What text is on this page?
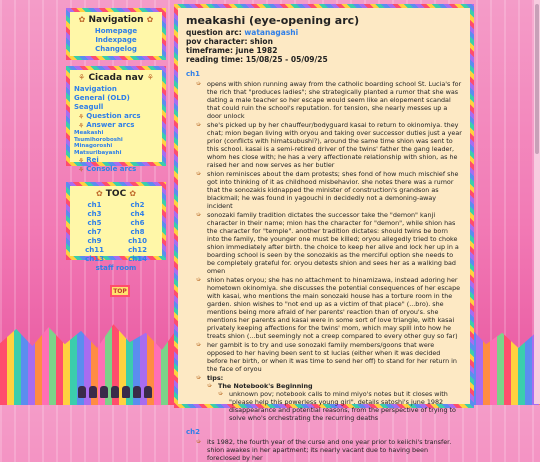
✿ Navigation ✿
Homepage
Indexpage
Changelog
⚘ Cicada nav ⚘
Navigation
General (OLD)
Seagull
⚘ Question arcs
⚘ Answer arcs
Meakashi
Tsumihoroboshi
Minagoroshi
Matsuribayashi
⚘ Rei
⚘ Console arcs
✿ TOC ✿
ch1	ch2
ch3	ch4
ch5	ch6
ch7	ch8
ch9	ch10
ch11	ch12
ch13	ch14
staff room
TOP
meakashi (eye-opening arc)
question arc: watanagashi
pov character: shion
timeframe: june 1982
reading time: 15/08/25 - 05/09/25
ch1
➭ opens with shion running away from the catholic boarding school St. Lucia's for the rich that "produces ladies"; she strategically planted a rumor that she was dating a male teacher so her escape would seem like an elopement scandal that could ruin the school's reputation. for tension, she nearly messes up a door unlock
➭ she's picked up by her chauffeur/bodyguard kasai to return to okinomiya. they chat; mion began living with oryou and taking over successor duties just a year prior (conflicts with himatsubushi?), around the same time shion was sent to this school. kasai is a semi-retired driver of the twins' father the gang leader, whom hes close with; he has a very affectionate relationship with shion, as he raised her and now serves as her butler
➭ shion reminisces about the dam protests; shes fond of how much mischief she got into thinking of it as childhood misbehavior. she notes there was a rumor that the sonozakis kidnapped the minister of construction's grandson as blackmail; he was found in yagouchi in decidedly not a demoning-away incident
➭ sonozaki family tradition dictates the successor take the "demon" kanji character in their name; mion has the character for "demon", while shion has the character for "temple". another tradition dictates: should twins be born into the family, the younger one must be killed; oryou allegedly tried to choke shion immediately after birth. the choice to keep her alive and lock her up in a boarding school is seen by the sonozakis as the merciful option she needs to be completely grateful for. oryou detests shion and sees her as a walking bad omen
➭ shion hates oryou; she has no attachment to hinamizawa, instead adoring her hometown okinomiya. she discusses the potential consequences of her escape with kasai, who mentions the main sonozaki house has a torture room in the garden. shion wishes to "not end up as a victim of that place" (...bro). she mentions being more afraid of her parents' reaction than of oryou's. she mentions her parents and kasai were in some sort of love triangle, with kasai privately keeping affections for the twins' mom, which may spill into how he treats shion (...but seemingly not a creep compared to every other guy so far)
➭ her gambit is to try and use sonozaki family members/goons that were opposed to her having been sent to st lucias (either when it was decided before her birth, or when it was time to send her off) to stand for her return in the face of oryou
➭ tips:
➭ The Notebook's Beginning
➭ unknown pov; notebook calls to mind miyo's notes but it closes with "please help this powerless young girl". details satoshi's june 1982 disappearance and potential reasons, from the perspective of trying to solve who's orchestrating the recurring deaths
ch2
➭ its 1982, the fourth year of the curse and one year prior to keiichi's transfer. shion awakes in her apartment; its nearly vacant due to having been foreclosed by her
